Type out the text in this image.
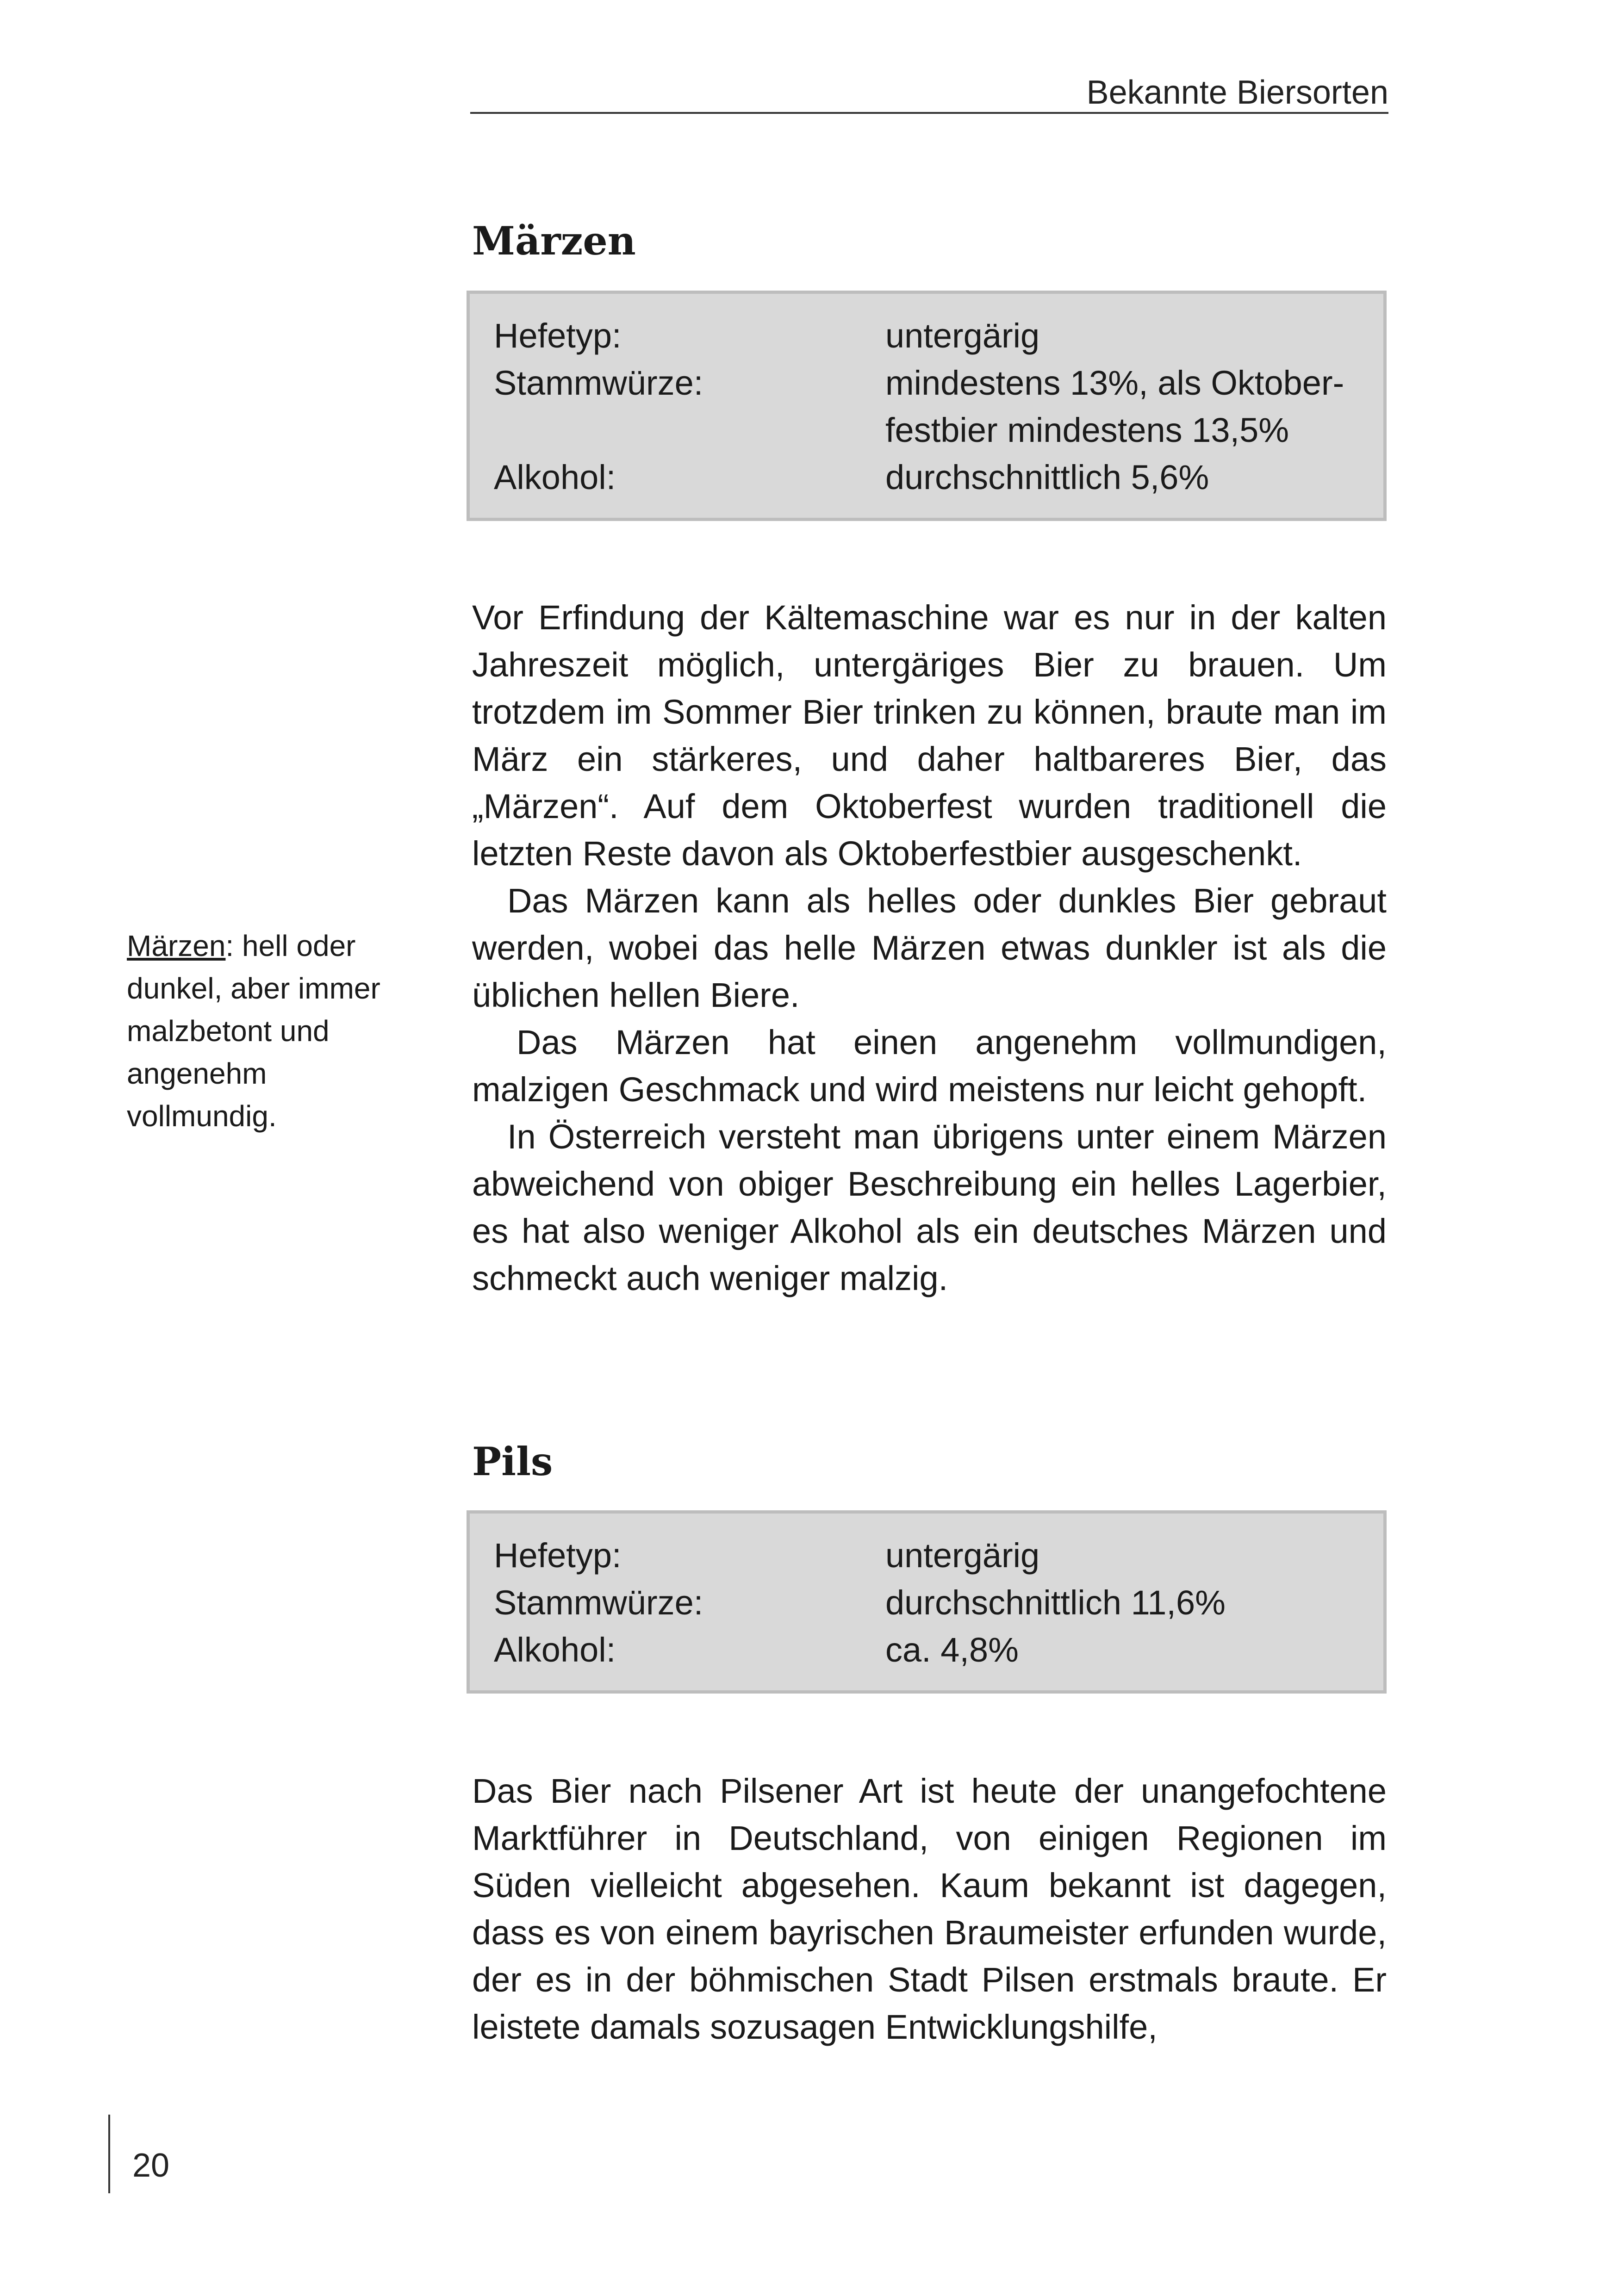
Bekannte Biersorten
Märzen
Hefetyp:	untergärig
Stammwürze:	mindestens 13%, als Oktober-festbier mindestens 13,5%
Alkohol:	durchschnittlich 5,6%

Vor Erfindung der Kältemaschine war es nur in der kalten Jahreszeit möglich, untergäriges Bier zu brauen. Um trotzdem im Sommer Bier trinken zu können, braute man im März ein stärkeres, und daher haltbareres Bier, das „Märzen“. Auf dem Oktoberfest wurden traditionell die letzten Reste davon als Oktoberfestbier ausgeschenkt.

Das Märzen kann als helles oder dunkles Bier gebraut werden, wobei das helle Märzen etwas dunkler ist als die üblichen hellen Biere.

Das Märzen hat einen angenehm vollmundigen, malzigen Geschmack und wird meistens nur leicht gehopft.

In Österreich versteht man übrigens unter einem Märzen abweichend von obiger Beschreibung ein helles Lagerbier, es hat also weniger Alkohol als ein deutsches Märzen und schmeckt auch weniger malzig.

Märzen: hell oder dunkel, aber immer malzbetont und angenehm vollmundig.
Pils
Hefetyp:	untergärig
Stammwürze:	durchschnittlich 11,6%
Alkohol:	ca. 4,8%

Das Bier nach Pilsener Art ist heute der unangefochtene Marktführer in Deutschland, von einigen Regionen im Süden vielleicht abgesehen. Kaum bekannt ist dagegen, dass es von einem bayrischen Braumeister erfunden wurde, der es in der böhmischen Stadt Pilsen erstmals braute. Er leistete damals sozusagen Entwicklungshilfe,

20
